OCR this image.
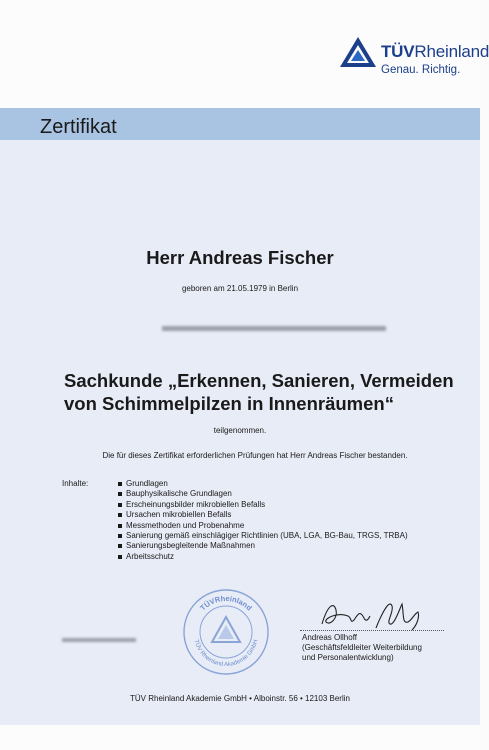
TÜVRheinland
Genau. Richtig.
Zertifikat
Herr Andreas Fischer
geboren am 21.05.1979 in Berlin
Sachkunde „Erkennen, Sanieren, Vermeiden
von Schimmelpilzen in Innenräumen“
teilgenommen.
Die für dieses Zertifikat erforderlichen Prüfungen hat Herr Andreas Fischer bestanden.
Inhalte:	Grundlagen
Bauphysikalische Grundlagen
Erscheinungsbilder mikrobiellen Befalls
Ursachen mikrobiellen Befalls
Messmethoden und Probenahme
Sanierung gemäß einschlägiger Richtlinien (UBA, LGA, BG-Bau, TRGS, TRBA)
Sanierungsbegleitende Maßnahmen
Arbeitsschutz
TÜVRheinland
TÜV Rheinland Akademie GmbH
Andreas Ollhoff
(Geschäftsfeldleiter Weiterbildung
und Personalentwicklung)
TÜV Rheinland Akademie GmbH • Alboinstr. 56 • 12103 Berlin
